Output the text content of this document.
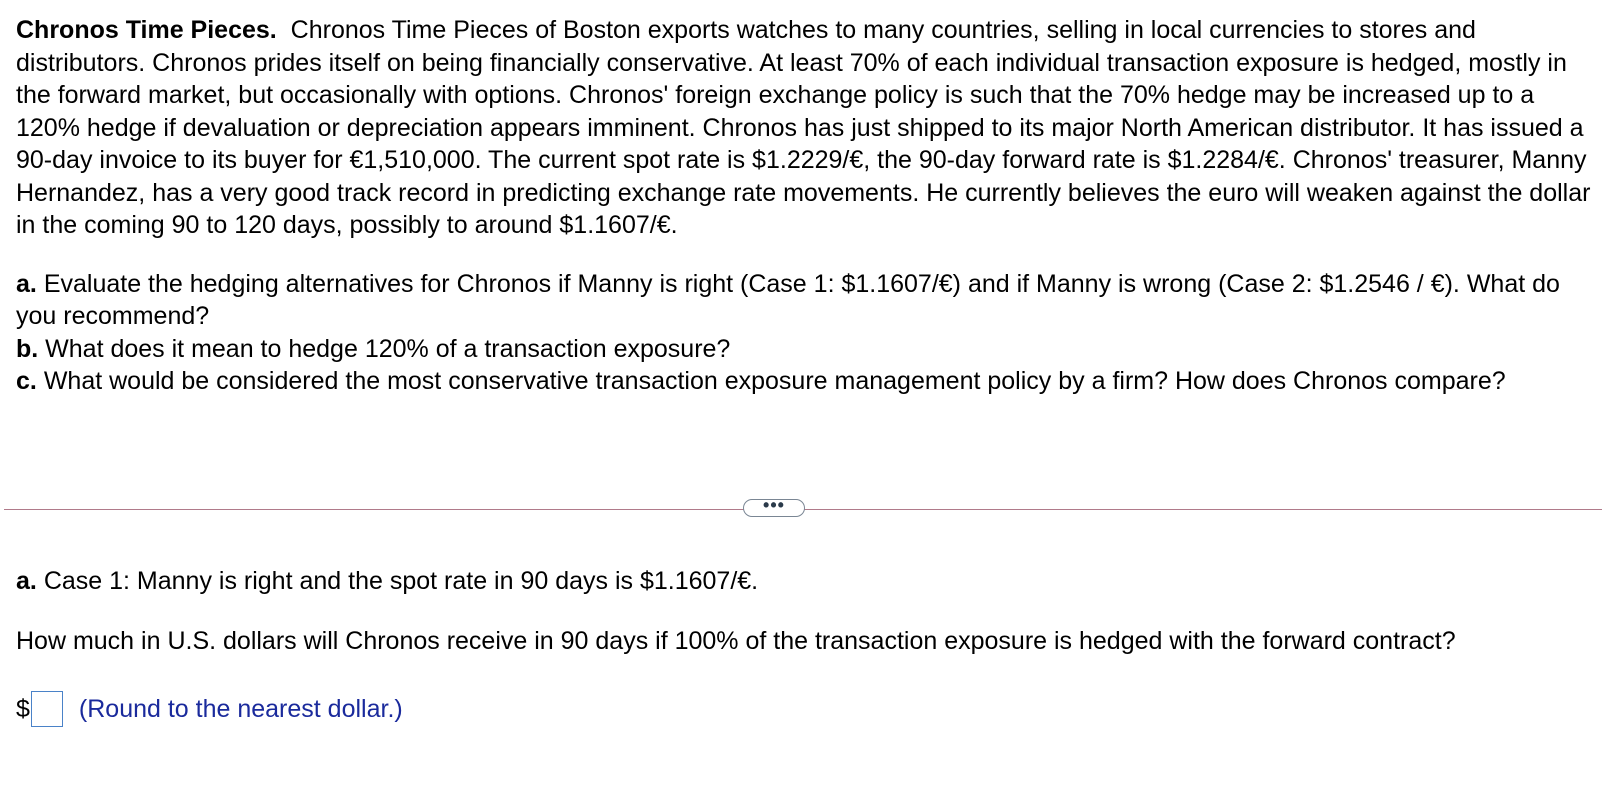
Chronos Time Pieces. Chronos Time Pieces of Boston exports watches to many countries, selling in local currencies to stores and distributors. Chronos prides itself on being financially conservative. At least 70% of each individual transaction exposure is hedged, mostly in the forward market, but occasionally with options. Chronos' foreign exchange policy is such that the 70% hedge may be increased up to a 120% hedge if devaluation or depreciation appears imminent. Chronos has just shipped to its major North American distributor. It has issued a 90-day invoice to its buyer for €1,510,000. The current spot rate is $1.2229/€, the 90-day forward rate is $1.2284/€. Chronos' treasurer, Manny Hernandez, has a very good track record in predicting exchange rate movements. He currently believes the euro will weaken against the dollar in the coming 90 to 120 days, possibly to around $1.1607/€.

a. Evaluate the hedging alternatives for Chronos if Manny is right (Case 1: $1.1607/€) and if Manny is wrong (Case 2: $1.2546 / €). What do you recommend?

b. What does it mean to hedge 120% of a transaction exposure?

c. What would be considered the most conservative transaction exposure management policy by a firm? How does Chronos compare?

•••
a. Case 1: Manny is right and the spot rate in 90 days is $1.1607/€.
How much in U.S. dollars will Chronos receive in 90 days if 100% of the transaction exposure is hedged with the forward contract?
$ (Round to the nearest dollar.)
